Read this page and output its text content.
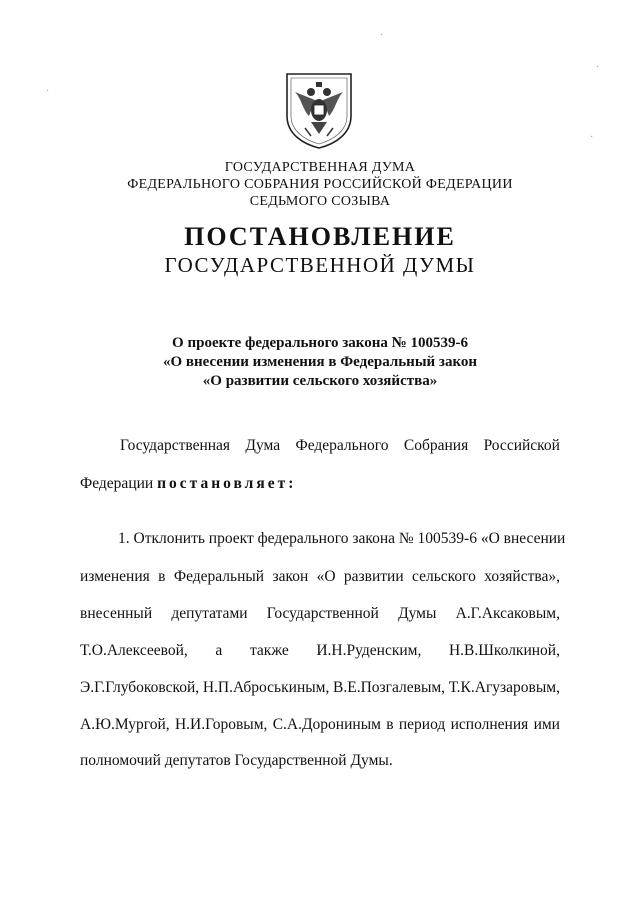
ГОСУДАРСТВЕННАЯ ДУМА
ФЕДЕРАЛЬНОГО СОБРАНИЯ РОССИЙСКОЙ ФЕДЕРАЦИИ
СЕДЬМОГО СОЗЫВА
ПОСТАНОВЛЕНИЕ
ГОСУДАРСТВЕННОЙ ДУМЫ
О проекте федерального закона № 100539-6
«О внесении изменения в Федеральный закон
«О развитии сельского хозяйства»
Государственная Дума Федерального Собрания Российской
Федерации постановляет:
1. Отклонить проект федерального закона № 100539-6 «О внесении
изменения в Федеральный закон «О развитии сельского хозяйства»,
внесенный депутатами Государственной Думы А.Г.Аксаковым,
Т.О.Алексеевой, а также И.Н.Руденским, Н.В.Школкиной,
Э.Г.Глубоковской, Н.П.Аброськиным, В.Е.Позгалевым, Т.К.Агузаровым,
А.Ю.Мургой, Н.И.Горовым, С.А.Дорониным в период исполнения ими
полномочий депутатов Государственной Думы.
·
·
·
·
